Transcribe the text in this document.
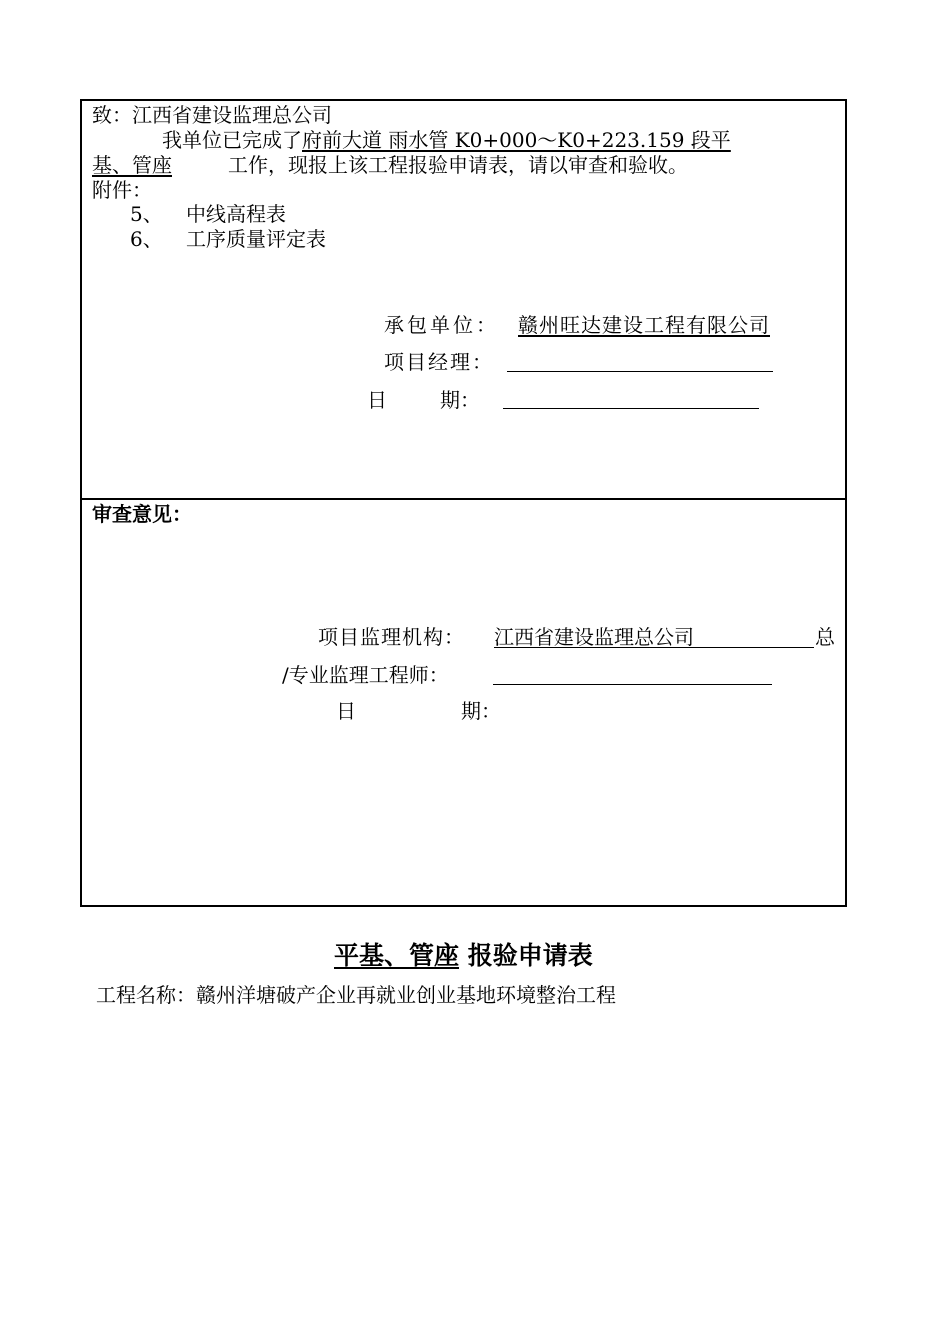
致：江西省建设监理总公司
我单位已完成了府前大道 雨水管 K0+000～K0+223.159 段平
基、管座	工作，现报上该工程报验申请表，请以审查和验收。
附件：
5、 中线高程表
6、 工序质量评定表
承包单位： 赣州旺达建设工程有限公司
项目经理：
日	期：
审查意见：
项目监理机构： 江西省建设监理总公司	总
/专业监理工程师：
日	期：
平基、管座 报验申请表
工程名称：赣州洋塘破产企业再就业创业基地环境整治工程
